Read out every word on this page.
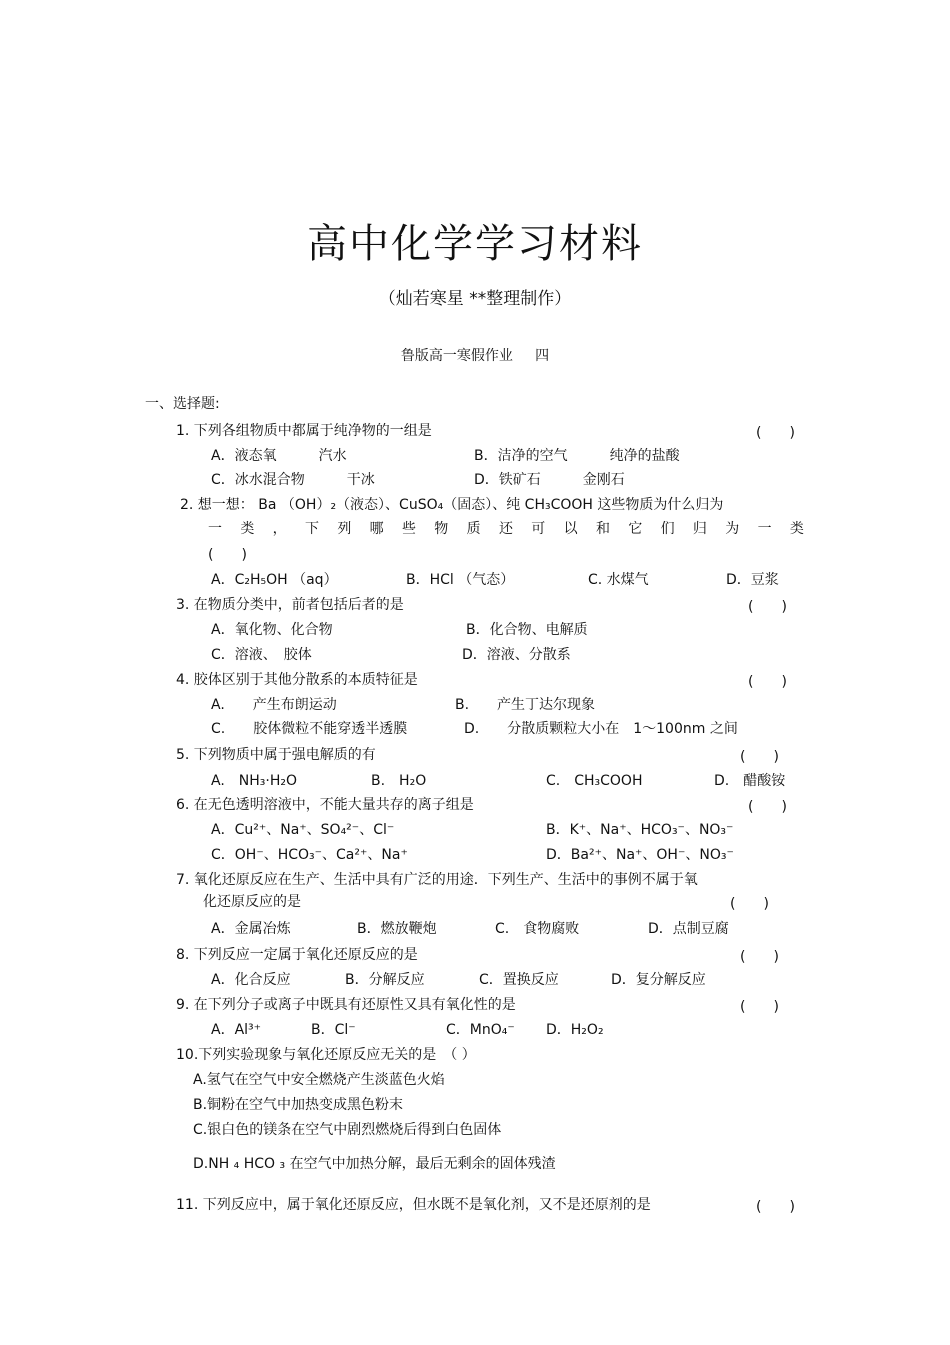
高中化学学习材料
（灿若寒星 **整理制作）
鲁版高一寒假作业 四
一、选择题:
1. 下列各组物质中都属于纯净物的一组是	(　　)
A．液态氧　　　汽水	B．洁净的空气　　　纯净的盐酸
C．冰水混合物　　　干冰	D．铁矿石　　　金刚石
2. 想一想： Ba （OH）₂（液态）、CuSO₄（固态）、纯 CH₃COOH 这些物质为什么归为
一 类 ， 下 列 哪 些 物 质 还 可 以 和 它 们 归 为 一 类
(　　)
A．C₂H₅OH （aq）	B．HCl （气态）	C. 水煤气	D．豆浆
3. 在物质分类中，前者包括后者的是	(　　)
A．氧化物、化合物	B．化合物、电解质
C．溶液、　胶体	D．溶液、分散系
4. 胶体区别于其他分散系的本质特征是	(　　)
A.　　产生布朗运动	B.　　产生丁达尔现象
C.　　胶体微粒不能穿透半透膜	D.　　分散质颗粒大小在　1～100nm 之间
5. 下列物质中属于强电解质的有	(　　)
A.　NH₃·H₂O	B.　H₂O	C.　CH₃COOH	D.　醋酸铵
6. 在无色透明溶液中，不能大量共存的离子组是	(　　)
A．Cu²⁺、Na⁺、SO₄²⁻、Cl⁻	B．K⁺、Na⁺、HCO₃⁻、NO₃⁻
C．OH⁻、HCO₃⁻、Ca²⁺、Na⁺	D．Ba²⁺、Na⁺、OH⁻、NO₃⁻
7. 氧化还原反应在生产、生活中具有广泛的用途．下列生产、生活中的事例不属于氧
化还原反应的是	(　　)
A．金属冶炼	B．燃放鞭炮	C.　食物腐败	D．点制豆腐
8. 下列反应一定属于氧化还原反应的是	(　　)
A．化合反应	B．分解反应	C．置换反应	D．复分解反应
9. 在下列分子或离子中既具有还原性又具有氧化性的是	(　　)
A．Al³⁺	B．Cl⁻	C．MnO₄⁻ D．H₂O₂
10.下列实验现象与氧化还原反应无关的是　（ ）
A.氢气在空气中安全燃烧产生淡蓝色火焰
B.铜粉在空气中加热变成黑色粉末
C.银白色的镁条在空气中剧烈燃烧后得到白色固体
D.NH ₄ HCO ₃ 在空气中加热分解，最后无剩余的固体残渣
11. 下列反应中，属于氧化还原反应，但水既不是氧化剂，又不是还原剂的是	(　　)
